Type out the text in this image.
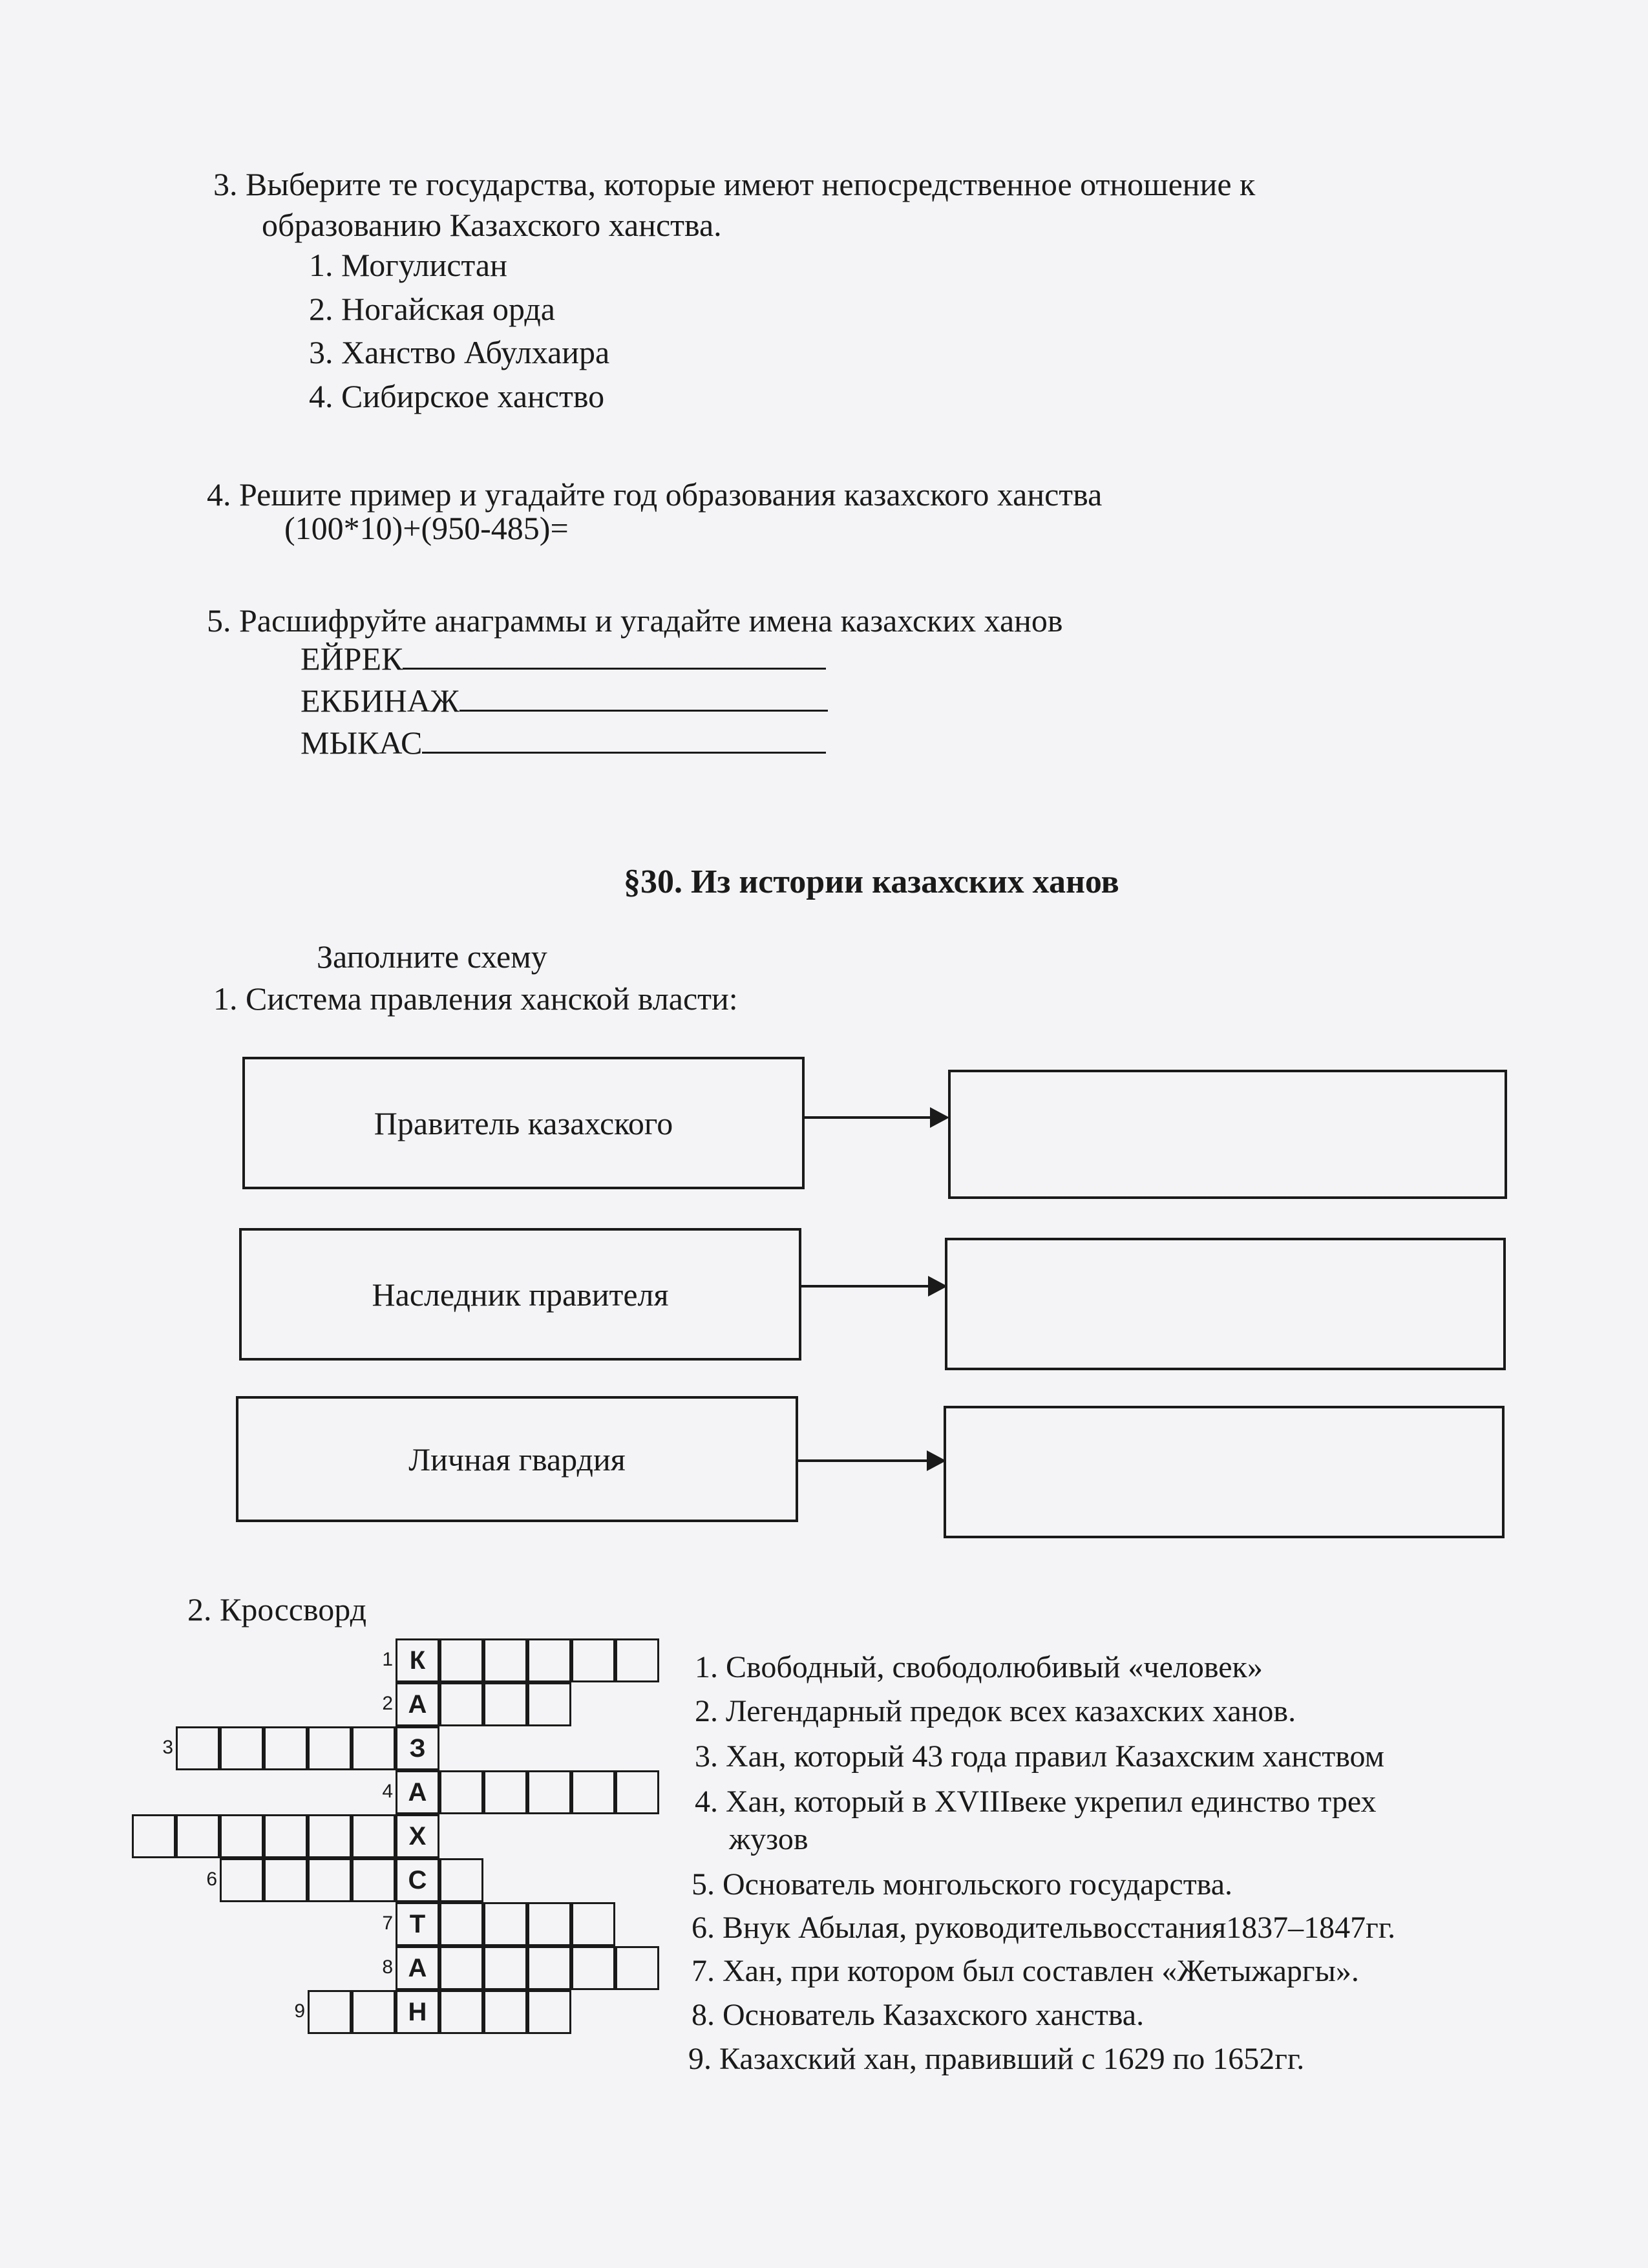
3. Выберите те государства, которые имеют непосредственное отношение к
образованию Казахского ханства.
1. Могулистан
2. Ногайская орда
3. Ханство Абулхаира
4. Сибирское ханство
4. Решите пример и угадайте год образования казахского ханства
(100*10)+(950-485)=
5. Расшифруйте анаграммы и угадайте имена казахских ханов
ЕЙРЕК
ЕКБИНАЖ
МЫКАС
§30. Из истории казахских ханов
Заполните схему
1. Система правления ханской власти:
Правитель казахского
Наследник правителя
Личная гвардия
2. Кроссворд
К
1
А
2
З
3
А
4
Х
С
6
Т
7
А
8
Н
9
1. Свободный, свободолюбивый «человек»
2. Легендарный предок всех казахских ханов.
3. Хан, который 43 года правил Казахским ханством
4. Хан, который в XVIIIвеке укрепил единство трех
жузов
5. Основатель монгольского государства.
6. Внук Абылая, руководительвосстания1837–1847гг.
7. Хан, при котором был составлен «Жетыжаргы».
8. Основатель Казахского ханства.
9. Казахский хан, правивший с 1629 по 1652гг.
